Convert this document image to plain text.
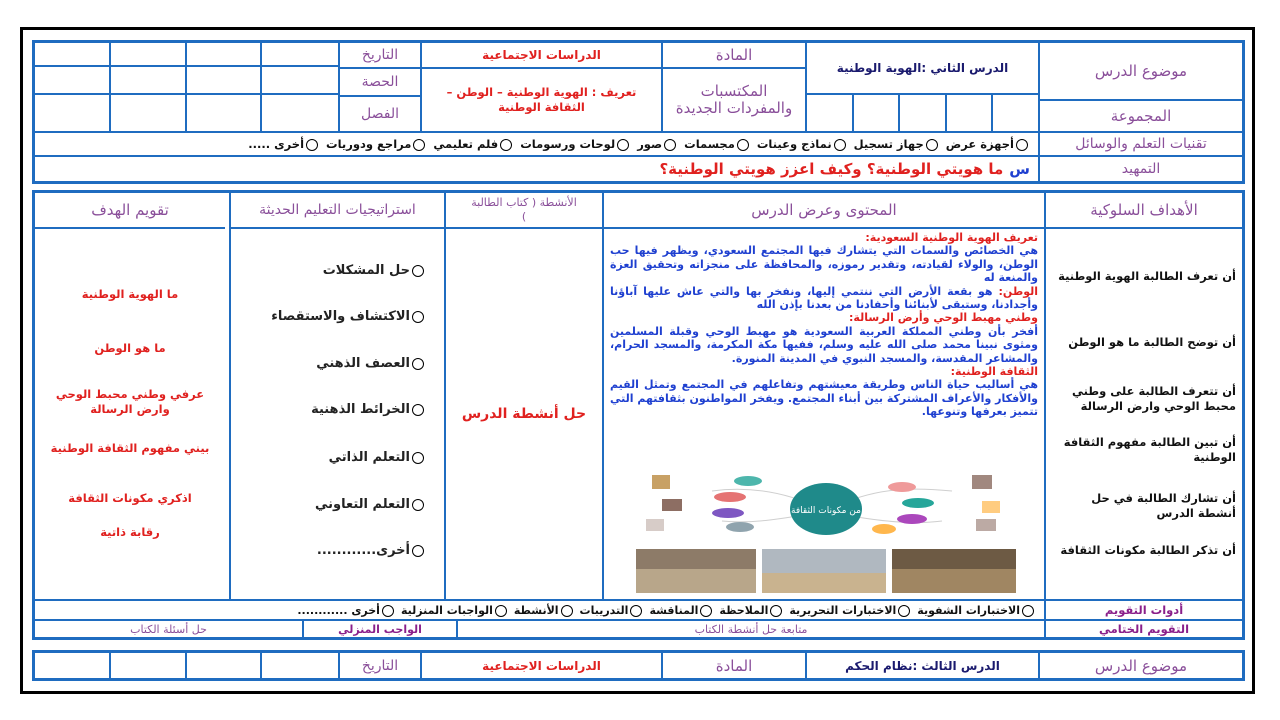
موضوع الدرس
المجموعة
الدرس الثاني :الهوية الوطنية
المادة
المكتسبات والمفردات الجديدة
الدراسات الاجتماعية
تعريف : الهوية الوطنية – الوطن – الثقافة الوطنية
التاريخ
الحصة
الفصل
تقنيات التعلم والوسائل
أجهزة عرض
جهاز تسجيل
نماذج وعينات
مجسمات
صور
لوحات ورسومات
فلم تعليمي
مراجع ودوريات
أخرى .....
التمهيد
س
ما هويتي الوطنية؟ وكيف اعزز هويتي الوطنية؟
الأهداف السلوكية
المحتوى وعرض الدرس
الأنشطة ( كتاب الطالبة )
استراتيجيات التعليم الحديثة
تقويم الهدف
أن تعرف الطالبة الهوية الوطنية
أن توضح الطالبة ما هو الوطن
أن تتعرف الطالبة على وطني محبط الوحي وارض الرسالة
أن تبين الطالبة مفهوم الثقافة الوطنية
أن تشارك الطالبة في حل أنشطة الدرس
أن تذكر الطالبة مكونات الثقافة

تعريف الهوية الوطنية السعودية:

هي الخصائص والسمات التي يتشارك فيها المجتمع السعودي، ويظهر فيها حب الوطن، والولاء لقيادته، وتقدير رموزه، والمحافظة على منجزاته وتحقيق العزة والمنعة له

الوطن: هو بقعة الأرض التي ننتمي إليها، ونفخر بها والتي عاش عليها آباؤنا وأجدادنا، وستبقى لأبنائنا وأحفادنا من بعدنا بإذن الله

وطني مهبط الوحي وأرض الرسالة:

أفخر بأن وطني المملكة العربية السعودية هو مهبط الوحي وقبلة المسلمين ومثوى نبينا محمد صلى الله عليه وسلم، ففيها مكة المكرمة، والمسجد الحرام، والمشاعر المقدسة، والمسجد النبوي في المدينة المنورة.

الثقافة الوطنية:

هي أساليب حياة الناس وطريقة معيشتهم وتفاعلهم في المجتمع وتمثل القيم والأفكار والأعراف المشتركة بين أبناء المجتمع. ويفخر المواطنون بثقافتهم التي تتميز بعرفها وتنوعها.

من مكونات الثقافة
حل أنشطة الدرس
حل المشكلات
الاكتشاف والاستقصاء
العصف الذهني
الخرائط الذهنية
التعلم الذاتي
التعلم التعاوني
أخرى............
ما الهوية الوطنية
ما هو الوطن
عرفي وطني محبط الوحي وارض الرسالة
بيني مفهوم الثقافة الوطنية
اذكري مكونات الثقافة
رقابة ذاتية
أدوات التقويم
الاختبارات الشفوية
الاختبارات التحريرية
الملاحظة
المناقشة
التدريبات
الأنشطة
الواجبات المنزلية
أخرى ............
التقويم الختامي
متابعة حل أنشطة الكتاب
الواجب المنزلي
حل أسئلة الكتاب
موضوع الدرس
الدرس الثالث :نظام الحكم
المادة
الدراسات الاجتماعية
التاريخ
